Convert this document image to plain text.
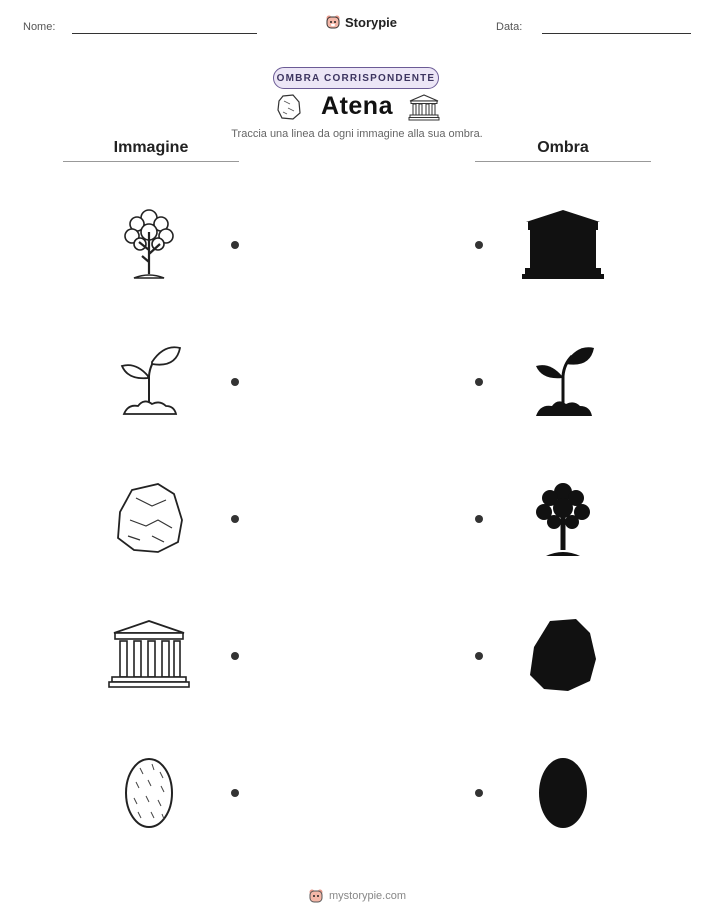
Nome:	Storypie	Data:
OMBRA CORRISPONDENTE
Atena
Traccia una linea da ogni immagine alla sua ombra.
Immagine	Ombra
mystorypie.com
